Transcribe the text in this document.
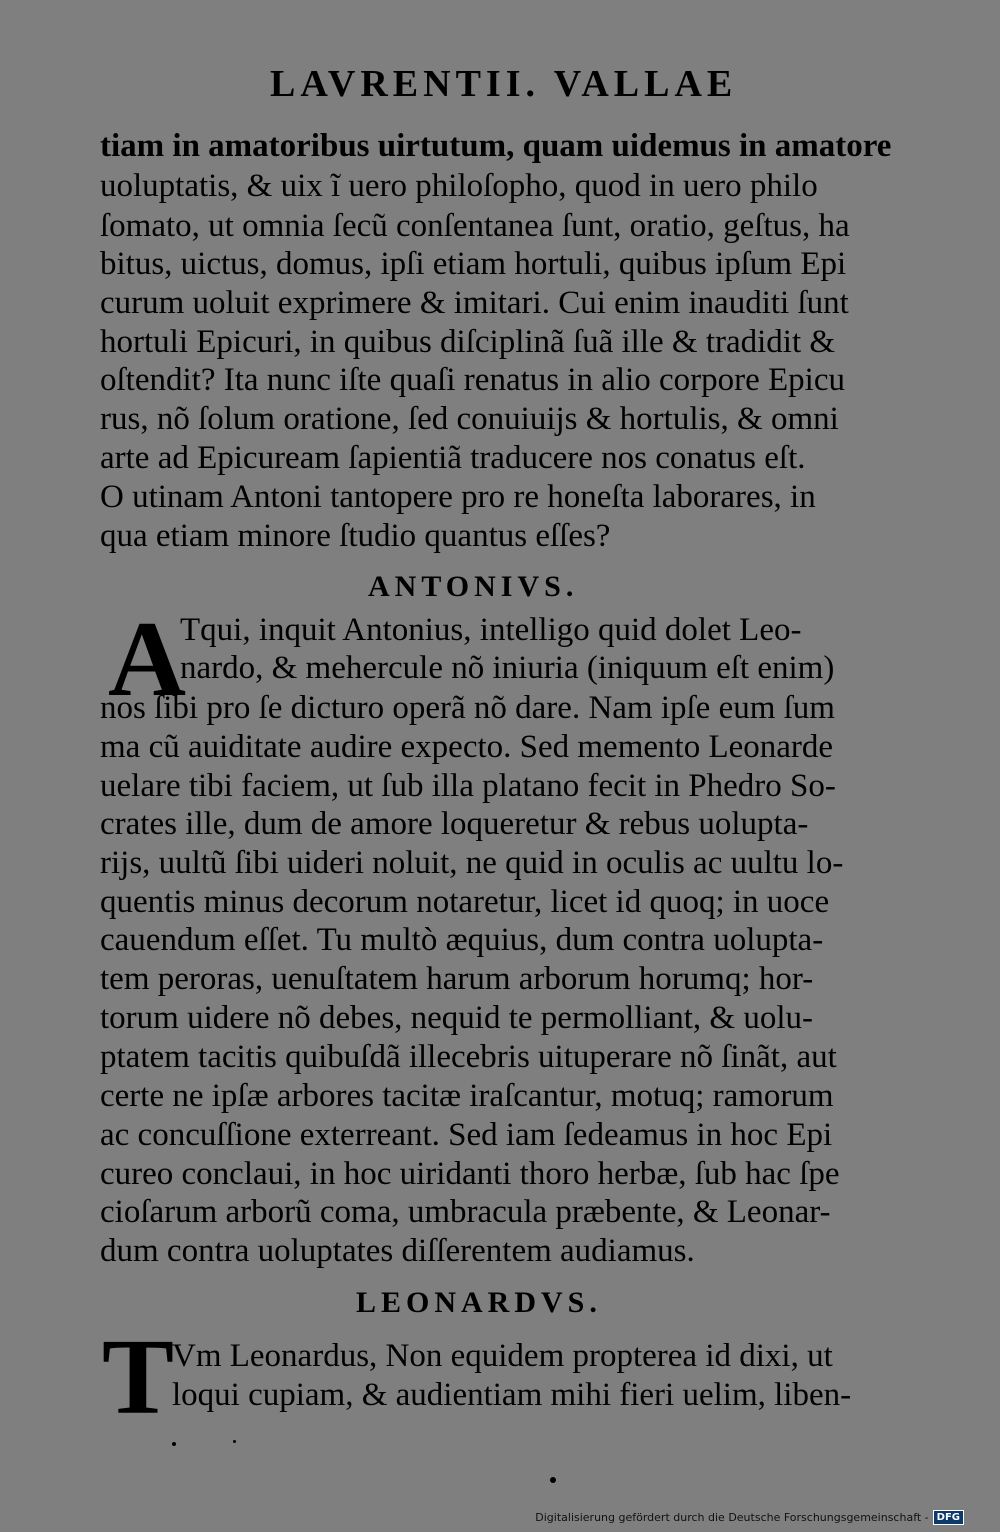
LAVRENTII. VALLAE
tiam in amatoribus uirtutum, quam uidemus in amatore
uoluptatis, & uix ĩ uero philoſopho, quod in uero philo
ſomato, ut omnia ſecũ conſentanea ſunt, oratio, geſtus, ha
bitus, uictus, domus, ipſi etiam hortuli, quibus ipſum Epi
curum uoluit exprimere & imitari. Cui enim inauditi ſunt
hortuli Epicuri, in quibus diſciplinã ſuã ille & tradidit &
oſtendit? Ita nunc iſte quaſi renatus in alio corpore Epicu
rus, nõ ſolum oratione, ſed conuiuijs & hortulis, & omni
arte ad Epicuream ſapientiã traducere nos conatus eſt.
O utinam Antoni tantopere pro re honeſta laborares, in
qua etiam minore ſtudio quantus eſſes?
ANTONIVS.
A
Tqui, inquit Antonius, intelligo quid dolet Leo-
nardo, & mehercule nõ iniuria (iniquum eſt enim)
nos ſibi pro ſe dicturo operã nõ dare. Nam ipſe eum ſum
ma cũ auiditate audire expecto. Sed memento Leonarde
uelare tibi faciem, ut ſub illa platano fecit in Phedro So-
crates ille, dum de amore loqueretur & rebus uolupta-
rijs, uultũ ſibi uideri noluit, ne quid in oculis ac uultu lo-
quentis minus decorum notaretur, licet id quoq; in uoce
cauendum eſſet. Tu multò æquius, dum contra uolupta-
tem peroras, uenuſtatem harum arborum horumq; hor-
torum uidere nõ debes, nequid te permolliant, & uolu-
ptatem tacitis quibuſdã illecebris uituperare nõ ſinãt, aut
certe ne ipſæ arbores tacitæ iraſcantur, motuq; ramorum
ac concuſſione exterreant. Sed iam ſedeamus in hoc Epi
cureo conclaui, in hoc uiridanti thoro herbæ, ſub hac ſpe
cioſarum arborũ coma, umbracula præbente, & Leonar-
dum contra uoluptates diſſerentem audiamus.
LEONARDVS.
T
Vm Leonardus, Non equidem propterea id dixi, ut
loqui cupiam, & audientiam mihi fieri uelim, liben-
Digitalisierung gefördert durch die Deutsche Forschungsgemeinschaft - DFG
